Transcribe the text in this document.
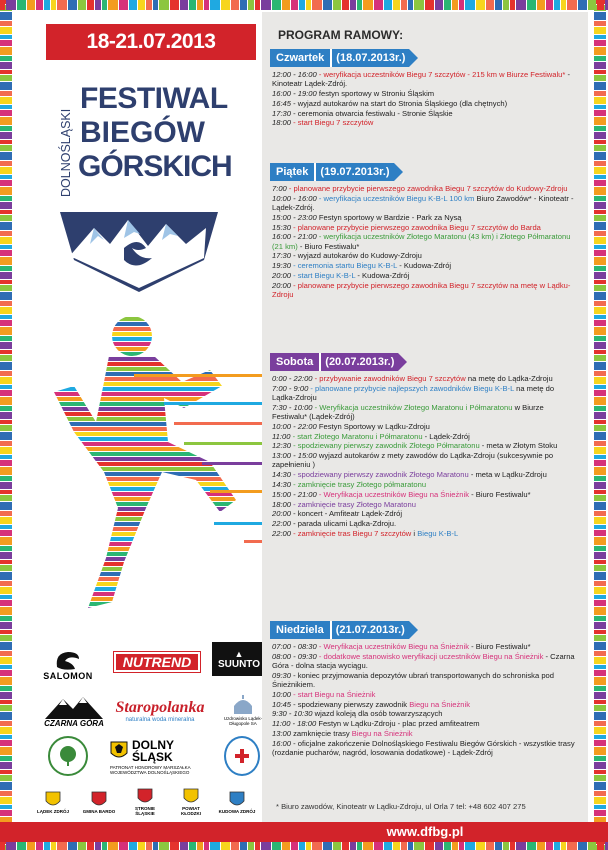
18-21.07.2013
DOLNOŚLĄSKI
FESTIWAL
BIEGÓW
GÓRSKICH
SALOMON
NUTREND
▲
SUUNTO
CZARNA GÓRA
Staropolanka
naturalna woda mineralna	Uzdrowisko Lądek-Długopole SA
DOLNY ŚLĄSK
PATRONAT HONOROWY MARSZAŁKA WOJEWÓDZTWA DOLNOŚLĄSKIEGO
LĄDEK ZDRÓJ	GMINA BARDO	STRONIE ŚLĄSKIE
POWIAT KŁODZKI	KUDOWA ZDRÓJ
PROGRAM RAMOWY:
Czwartek	(18.07.2013r.)
12:00 - 16:00 - weryfikacja uczestników Biegu 7 szczytów - 215 km w Biurze Festiwalu* - Kinoteatr Lądek-Zdrój.
16:00 - 19:00 festyn sportowy w Stroniu Śląskim
16:45 - wyjazd autokarów na start do Stronia Śląskiego (dla chętnych)
17:30 - ceremonia otwarcia festiwalu - Stronie Śląskie
18:00 - start Biegu 7 szczytów
Piątek	(19.07.2013r.)
7:00 - planowane przybycie pierwszego zawodnika Biegu 7 szczytów do Kudowy-Zdroju
10:00 - 16:00 - weryfikacja uczestników Biegu K-B-L 100 km Biuro Zawodów* - Kinoteatr - Lądek-Zdrój.
15:00 - 23:00 Festyn sportowy w Bardzie - Park za Nysą
15:30 - planowane przybycie pierwszego zawodnika Biegu 7 szczytów do Barda
16:00 - 21:00 - weryfikacja uczestników Złotego Maratonu (43 km) i Złotego Półmaratonu (21 km) - Biuro Festiwalu*
17:30 - wyjazd autokarów do Kudowy-Zdroju
19:30 - ceremonia startu Biegu K-B-L - Kudowa-Zdrój
20:00 - start Biegu K-B-L - Kudowa-Zdrój
20:00 - planowane przybycie pierwszego zawodnika Biegu 7 szczytów na metę w Lądku-Zdroju
Sobota	(20.07.2013r.)
0:00 - 22:00 - przybywanie zawodników Biegu 7 szczytów na metę do Lądka-Zdroju
7:00 - 9:00 - planowane przybycie najlepszych zawodników Biegu K-B-L na metę do Lądka-Zdroju
7:30 - 10:00 - Weryfikacja uczestników Złotego Maratonu i Półmaratonu w Biurze Festiwalu* (Lądek-Zdrój)
10:00 - 22:00 Festyn Sportowy w Lądku-Zdroju
11:00 - start Złotego Maratonu i Półmaratonu - Lądek-Zdrój
12:30 - spodziewany pierwszy zawodnik Złotego Półmaratonu - meta w Złotym Stoku
13:00 - 15:00 wyjazd autokarów z mety zawodów do Lądka-Zdroju (sukcesywnie po zapełnieniu )
14:30 - spodziewany pierwszy zawodnik Złotego Maratonu - meta w Lądku-Zdroju
14:30 - zamknięcie trasy Złotego półmaratonu
15:00 - 21:00 - Weryfikacja uczestników Biegu na Śnieżnik - Biuro Festiwalu*
18:00 - zamknięcie trasy Złotego Maratonu
20:00 - koncert - Amfiteatr Lądek-Zdrój
22:00 - parada ulicami Lądka-Zdroju.
22:00 - zamknięcie tras Biegu 7 szczytów i Biegu K-B-L
Niedziela	(21.07.2013r.)
07:00 - 08:30 - Weryfikacja uczestników Biegu na Śnieżnik - Biuro Festiwalu*
08:00 - 09:30 - dodatkowe stanowisko weryfikacji uczestników Biegu na Śnieżnik - Czarna Góra - dolna stacja wyciągu.
09:30 - koniec przyjmowania depozytów ubrań transportowanych do schroniska pod Śnieżnikiem.
10:00 - start Biegu na Śnieżnik
10:45 - spodziewany pierwszy zawodnik Biegu na Śnieżnik
9:30 - 10:30 wjazd koleją dla osób towarzyszących
11:00 - 18:00 Festyn w Lądku-Zdroju - plac przed amfiteatrem
13:00 zamknięcie trasy Biegu na Śnieżnik
16:00 - oficjalne zakończenie Dolnośląskiego Festiwalu Biegów Górskich - wszystkie trasy (rozdanie pucharów, nagród, losowania dodatkowe) - Lądek-Zdrój
* Biuro zawodów, Kinoteatr w Lądku-Zdroju, ul Orla 7 tel: +48 602 407 275
www.dfbg.pl
